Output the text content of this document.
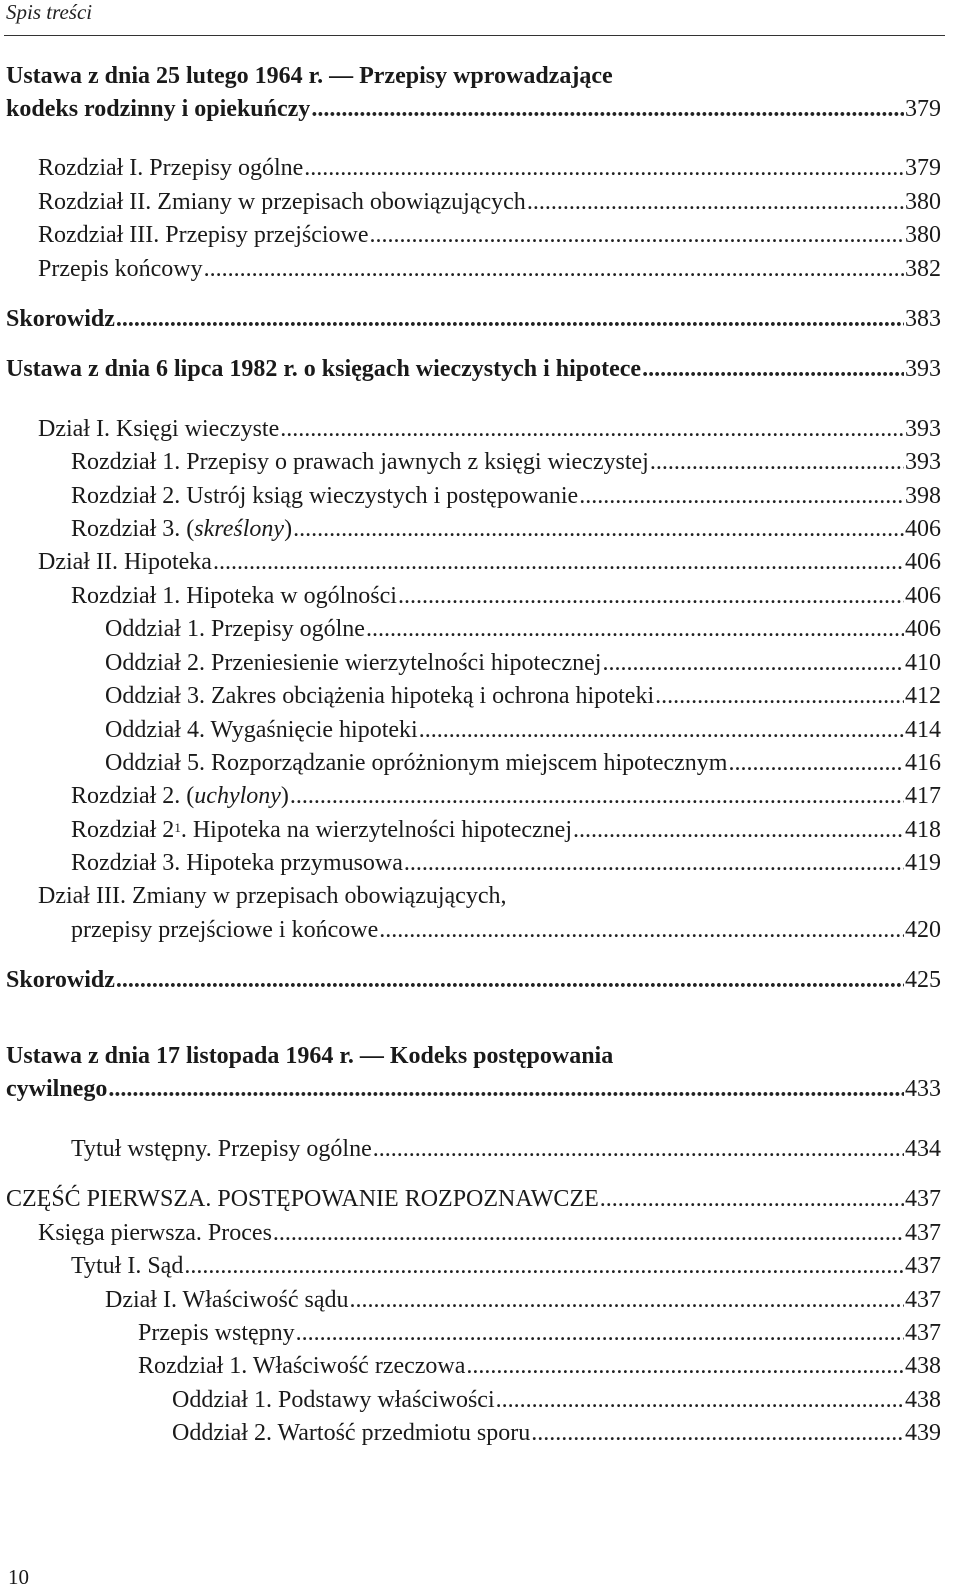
Spis treści
Ustawa z dnia 25 lutego 1964 r. — Przepisy wprowadzające
kodeks rodzinny i opiekuńczy .....	379
Rozdział I. Przepisy ogólne .....	379
Rozdział II. Zmiany w przepisach obowiązujących .....	380
Rozdział III. Przepisy przejściowe .....	380
Przepis końcowy .....	382
Skorowidz .....	383
Ustawa z dnia 6 lipca 1982 r. o księgach wieczystych i hipotece .....	393
Dział I. Księgi wieczyste .....	393
Rozdział 1. Przepisy o prawach jawnych z księgi wieczystej .....	393
Rozdział 2. Ustrój ksiąg wieczystych i postępowanie .....	398
Rozdział 3. (skreślony) .....	406
Dział II. Hipoteka .....	406
Rozdział 1. Hipoteka w ogólności .....	406
Oddział 1. Przepisy ogólne .....	406
Oddział 2. Przeniesienie wierzytelności hipotecznej .....	410
Oddział 3. Zakres obciążenia hipoteką i ochrona hipoteki .....	412
Oddział 4. Wygaśnięcie hipoteki .....	414
Oddział 5. Rozporządzanie opróżnionym miejscem hipotecznym .....	416
Rozdział 2. (uchylony) .....	417
Rozdział $2^1$. Hipoteka na wierzytelności hipotecznej .....	418
Rozdział 3. Hipoteka przymusowa .....	419
Dział III. Zmiany w przepisach obowiązujących,
przepisy przejściowe i końcowe .....	420
Skorowidz .....	425
Ustawa z dnia 17 listopada 1964 r. — Kodeks postępowania
cywilnego .....	433
Tytuł wstępny. Przepisy ogólne .....	434
CZĘŚĆ PIERWSZA. POSTĘPOWANIE ROZPOZNAWCZE .....	437
Księga pierwsza. Proces .....	437
Tytuł I. Sąd .....	437
Dział I. Właściwość sądu .....	437
Przepis wstępny .....	437
Rozdział 1. Właściwość rzeczowa .....	438
Oddział 1. Podstawy właściwości .....	438
Oddział 2. Wartość przedmiotu sporu .....	439
10
